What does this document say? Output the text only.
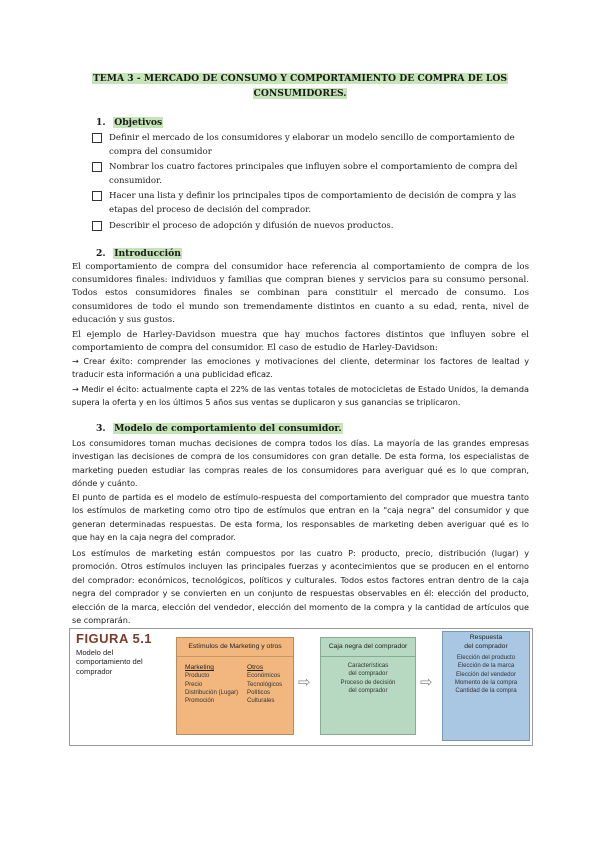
TEMA 3 - MERCADO DE CONSUMO Y COMPORTAMIENTO DE COMPRA DE LOS
CONSUMIDORES.
1. Objetivos
Definir el mercado de los consumidores y elaborar un modelo sencillo de comportamiento de compra del consumidor
Nombrar los cuatro factores principales que influyen sobre el comportamiento de compra del consumidor.
Hacer una lista y definir los principales tipos de comportamiento de decisión de compra y las etapas del proceso de decisión del comprador.
Describir el proceso de adopción y difusión de nuevos productos.
2. Introducción
El comportamiento de compra del consumidor hace referencia al comportamiento de compra de los consumidores finales: individuos y familias que compran bienes y servicios para su consumo personal. Todos estos consumidores finales se combinan para constituir el mercado de consumo. Los consumidores de todo el mundo son tremendamente distintos en cuanto a su edad, renta, nivel de educación y sus gustos.
El ejemplo de Harley-Davidson muestra que hay muchos factores distintos que influyen sobre el comportamiento de compra del consumidor. El caso de estudio de Harley-Davidson:
→ Crear éxito: comprender las emociones y motivaciones del cliente, determinar los factores de lealtad y traducir esta información a una publicidad eficaz.
→ Medir el écito: actualmente capta el 22% de las ventas totales de motocicletas de Estado Unidos, la demanda supera la oferta y en los últimos 5 años sus ventas se duplicaron y sus ganancias se triplicaron.
3. Modelo de comportamiento del consumidor.
Los consumidores toman muchas decisiones de compra todos los días. La mayoría de las grandes empresas investigan las decisiones de compra de los consumidores con gran detalle. De esta forma, los especialistas de marketing pueden estudiar las compras reales de los consumidores para averiguar qué es lo que compran, dónde y cuánto.
El punto de partida es el modelo de estímulo-respuesta del comportamiento del comprador que muestra tanto los estímulos de marketing como otro tipo de estímulos que entran en la "caja negra" del consumidor y que generan determinadas respuestas. De esta forma, los responsables de marketing deben averiguar qué es lo que hay en la caja negra del comprador.
Los estímulos de marketing están compuestos por las cuatro P: producto, precio, distribución (lugar) y promoción. Otros estímulos incluyen las principales fuerzas y acontecimientos que se producen en el entorno del comprador: económicos, tecnológicos, políticos y culturales. Todos estos factores entran dentro de la caja negra del comprador y se convierten en un conjunto de respuestas observables en él: elección del producto, elección de la marca, elección del vendedor, elección del momento de la compra y la cantidad de artículos que se comprarán.
FIGURA 5.1
Modelo del comportamiento del comprador
Estímulos de Marketing y otros
Marketing
Producto
Precio
Distribución (Lugar)
Promoción
Otros
Económicos
Tecnológicos
Políticos
Culturales
⇨
Caja negra del comprador
Características
del comprador
Proceso de decisión
del comprador	⇨
Respuesta
del comprador
Elección del producto
Elección de la marca
Elección del vendedor
Momento de la compra
Cantidad de la compra
